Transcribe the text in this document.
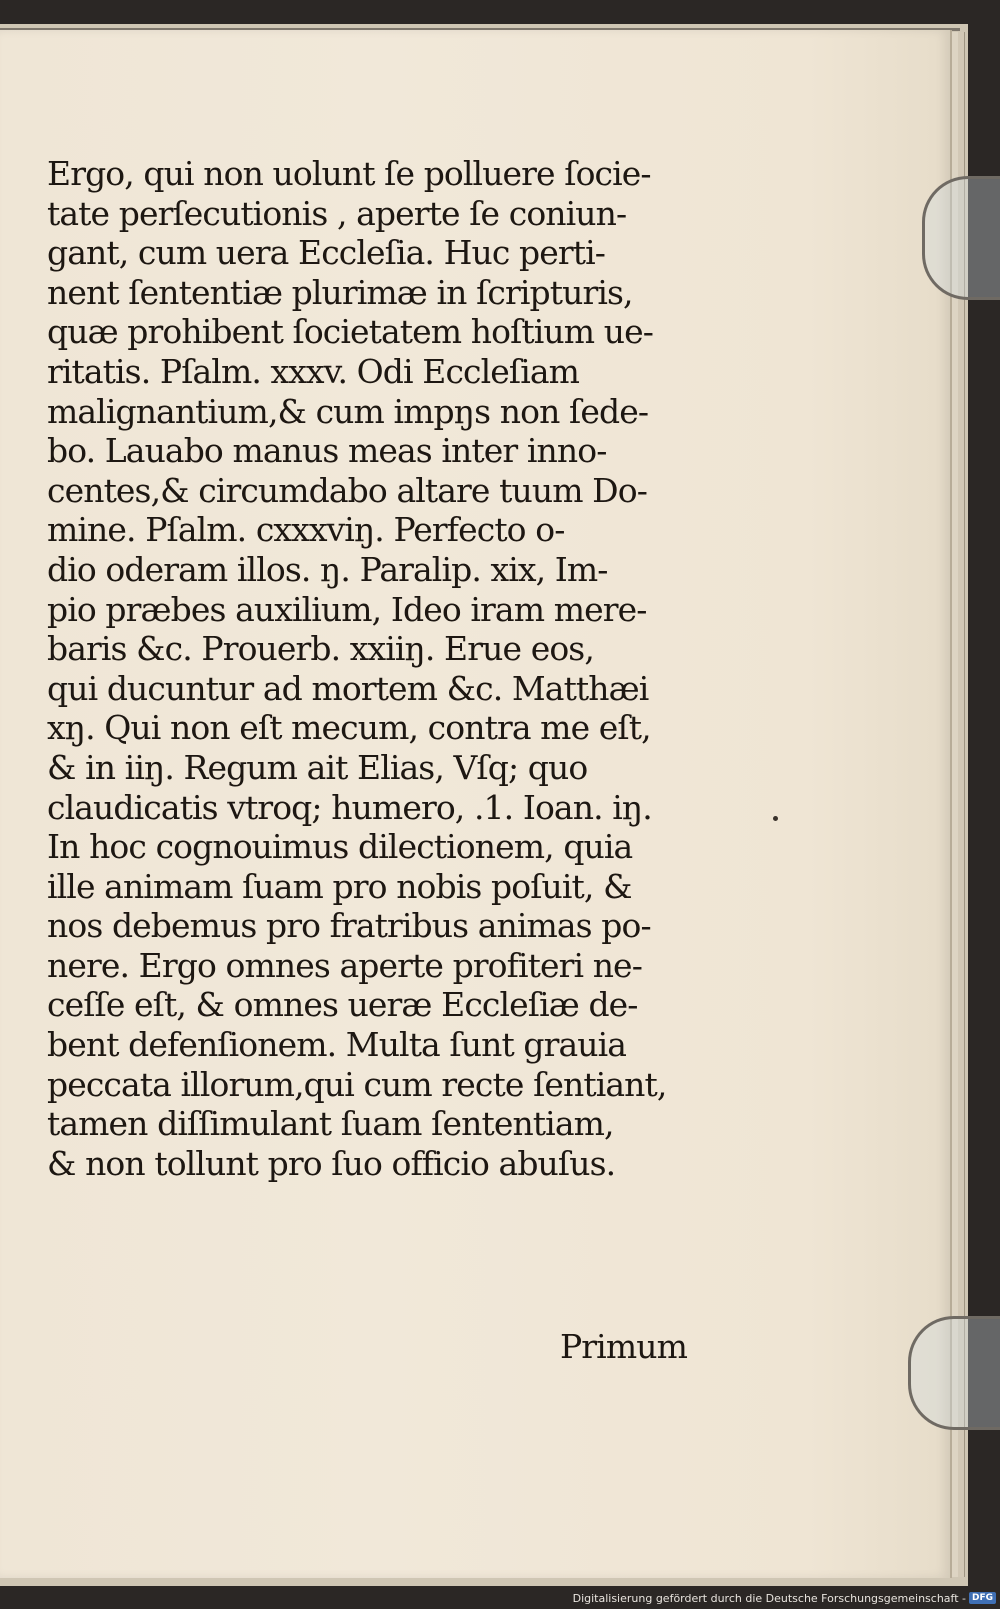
Ergo, qui non uolunt ſe polluere ſocie-
tate perſecutionis , aperte ſe coniun-
gant, cum uera Eccleſia. Huc perti-
nent ſententiæ plurimæ in ſcripturis,
quæ prohibent ſocietatem hoſtium ue-
ritatis. Pſalm. xxxv. Odi Eccleſiam
malignantium,& cum impŋs non ſede-
bo. Lauabo manus meas inter inno-
centes,& circumdabo altare tuum Do-
mine. Pſalm. cxxxviŋ. Perfecto o-
dio oderam illos. ŋ. Paralip. xix, Im-
pio præbes auxilium, Ideo iram mere-
baris &c. Prouerb. xxiiŋ. Erue eos,
qui ducuntur ad mortem &c. Matthæi
xŋ. Qui non eſt mecum, contra me eſt,
& in iiŋ. Regum ait Elias, Vſq; quo
claudicatis vtroq; humero, .1. Ioan. iŋ.
In hoc cognouimus dilectionem, quia
ille animam ſuam pro nobis poſuit, &
nos debemus pro fratribus animas po-
nere. Ergo omnes aperte profiteri ne-
ceſſe eſt, & omnes ueræ Eccleſiæ de-
bent defenſionem. Multa ſunt grauia
peccata illorum,qui cum recte ſentiant,
tamen diſſimulant ſuam ſententiam,
& non tollunt pro ſuo officio abuſus.
Primum
Digitalisierung gefördert durch die Deutsche Forschungsgemeinschaft - DFG
